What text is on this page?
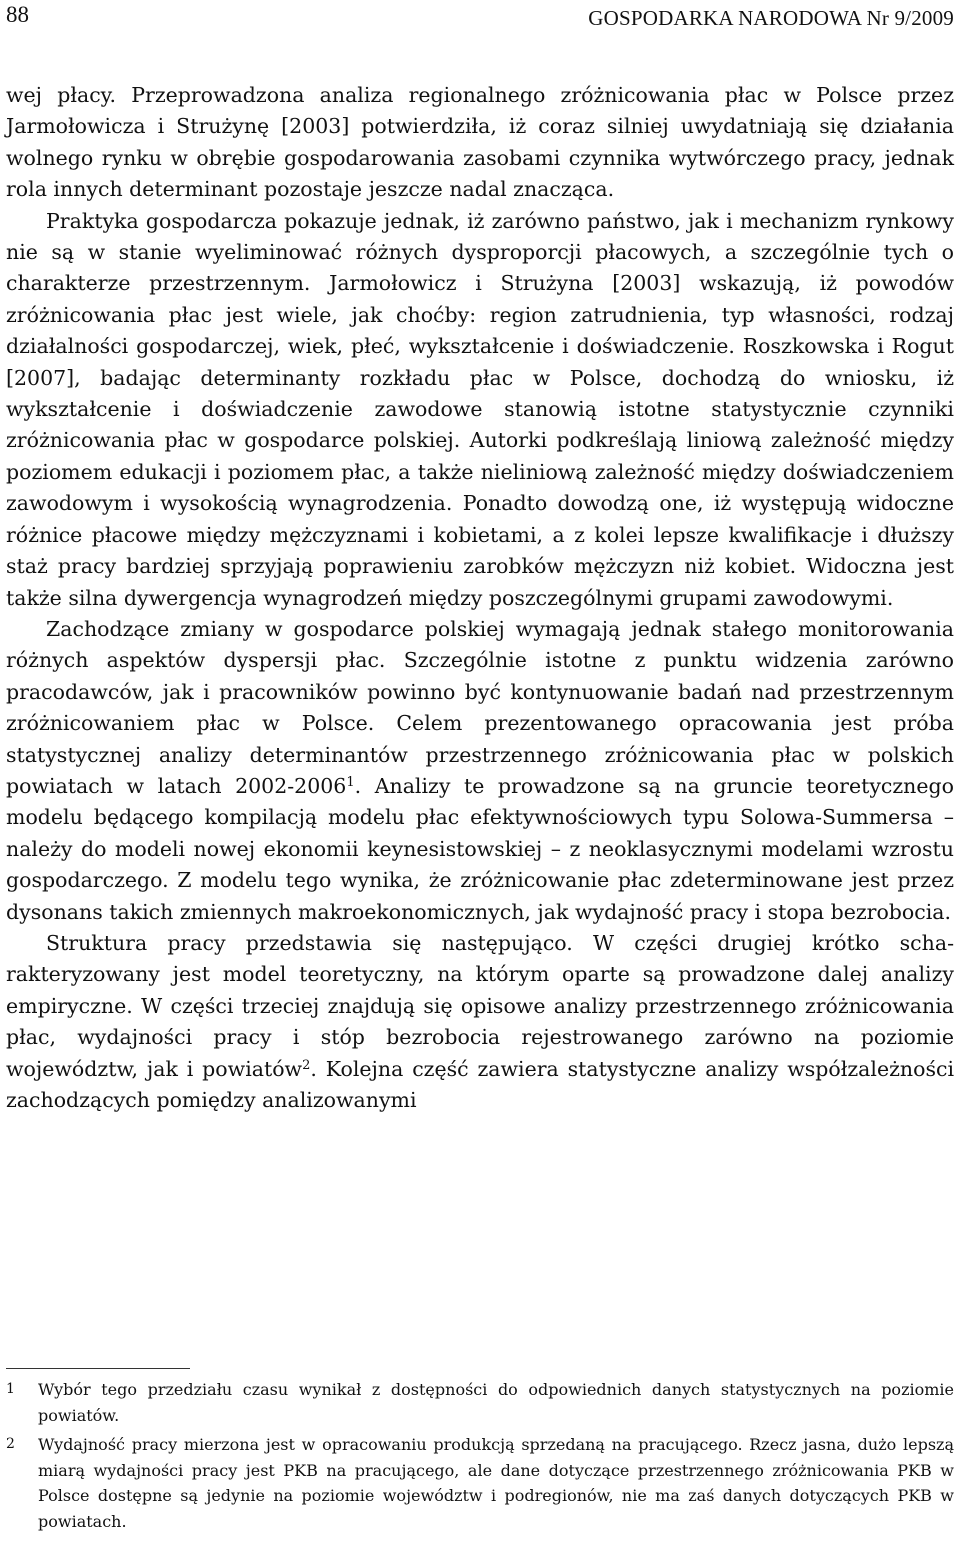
88	GOSPODARKA NARODOWA Nr 9/2009

wej płacy. Przeprowadzona analiza regionalnego zróżnicowania płac w Polsce przez Jarmołowicza i Strużynę [2003] potwierdziła, iż coraz silniej uwydatniają się działania wolnego rynku w obrębie gospodarowania zasobami czynnika wytwórczego pracy, jednak rola innych determinant pozostaje jeszcze nadal znacząca.

Praktyka gospodarcza pokazuje jednak, iż zarówno państwo, jak i mechanizm rynkowy nie są w stanie wyeliminować różnych dysproporcji płacowych, a szczególnie tych o charakterze przestrzennym. Jarmołowicz i Strużyna [2003] wskazują, iż powodów zróżnicowania płac jest wiele, jak choćby: region zatrudnienia, typ własności, rodzaj działalności gospodarczej, wiek, płeć, wykształcenie i doświadczenie. Roszkowska i Rogut [2007], badając determinanty rozkładu płac w Polsce, dochodzą do wniosku, iż wykształcenie i doświadczenie zawodowe stanowią istotne statystycznie czynniki zróżnicowania płac w gospodarce polskiej. Autorki podkreślają liniową zależność między poziomem edukacji i poziomem płac, a także nieliniową zależność między doświadczeniem zawodowym i wysokością wynagrodzenia. Ponadto dowodzą one, iż występują widoczne różnice płacowe między mężczyznami i kobietami, a z kolei lepsze kwalifikacje i dłuższy staż pracy bardziej sprzyjają poprawieniu zarobków mężczyzn niż kobiet. Widoczna jest także silna dywergencja wynagrodzeń między poszczególnymi grupami zawodowymi.

Zachodzące zmiany w gospodarce polskiej wymagają jednak stałego monitorowania różnych aspektów dyspersji płac. Szczególnie istotne z punktu widzenia zarówno pracodawców, jak i pracowników powinno być kontynuowanie badań nad przestrzennym zróżnicowaniem płac w Polsce. Celem prezentowanego opracowania jest próba statystycznej analizy determinantów przestrzennego zróżnicowania płac w polskich powiatach w latach 2002-2006$^1$. Analizy te prowadzone są na gruncie teoretycznego modelu będącego kompilacją modelu płac efektywnościowych typu Solowa-Summersa – należy do modeli nowej ekonomii keynesistowskiej – z neoklasycznymi modelami wzrostu gospodarczego. Z modelu tego wynika, że zróżnicowanie płac zdeterminowane jest przez dysonans takich zmiennych makroekonomicznych, jak wydajność pracy i stopa bezrobocia.

Struktura pracy przedstawia się następująco. W części drugiej krótko scharakteryzowany jest model teoretyczny, na którym oparte są prowadzone dalej analizy empiryczne. W części trzeciej znajdują się opisowe analizy przestrzennego zróżnicowania płac, wydajności pracy i stóp bezrobocia rejestrowanego zarówno na poziomie województw, jak i powiatów$^2$. Kolejna część zawiera statystyczne analizy współzależności zachodzących pomiędzy analizowanymi

1	Wybór tego przedziału czasu wynikał z dostępności do odpowiednich danych statystycznych na poziomie powiatów.
2	Wydajność pracy mierzona jest w opracowaniu produkcją sprzedaną na pracującego. Rzecz jasna, dużo lepszą miarą wydajności pracy jest PKB na pracującego, ale dane dotyczące przestrzennego zróżnicowania PKB w Polsce dostępne są jedynie na poziomie województw i podregionów, nie ma zaś danych dotyczących PKB w powiatach.
